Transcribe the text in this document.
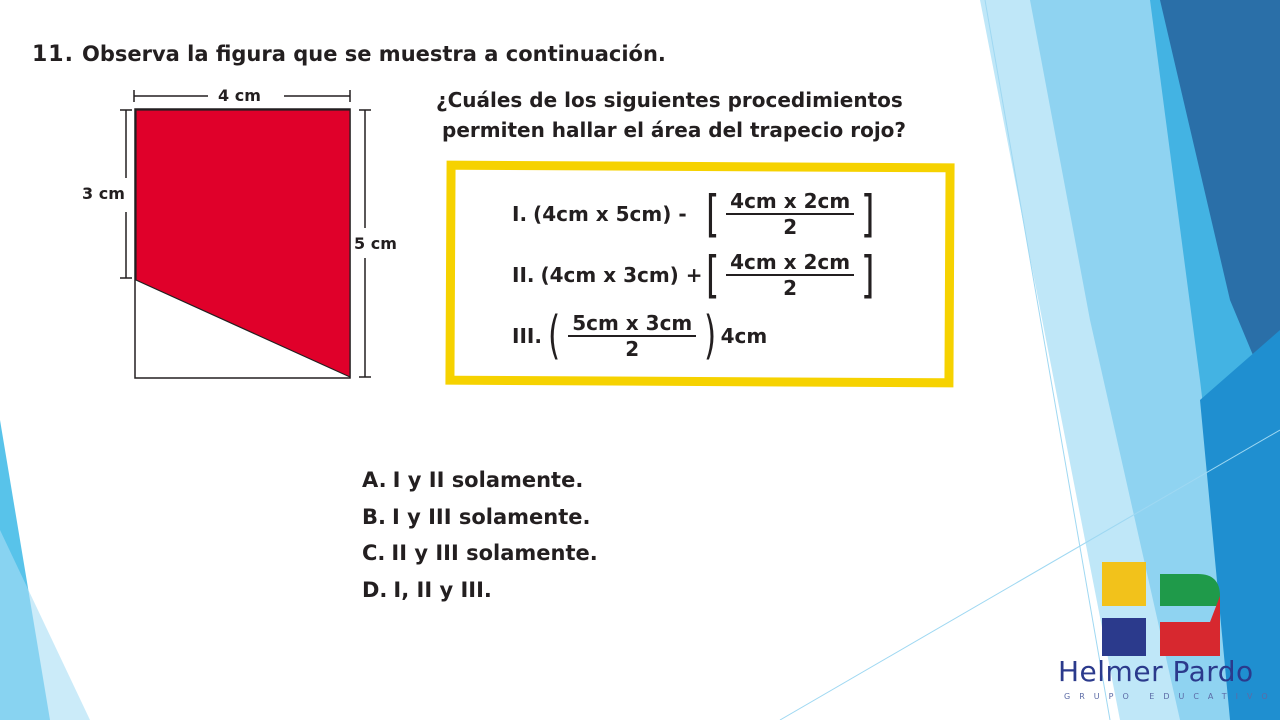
11. Observa la figura que se muestra a continuación.
¿Cuáles de los siguientes procedimientos
permiten hallar el área del trapecio rojo?
4 cm
3 cm
5 cm
I. (4cm x 5cm) - [ $\frac{\text{4cm x 2cm}}{2}$ ]
II. (4cm x 3cm) + [ $\frac{\text{4cm x 2cm}}{2}$ ]
III. ( $\frac{\text{5cm x 3cm}}{2}$ ) 4cm
A. I y II solamente.
B. I y III solamente.
C. II y III solamente.
D. I, II y III.
Helmer Pardo
GRUPO EDUCATIVO
